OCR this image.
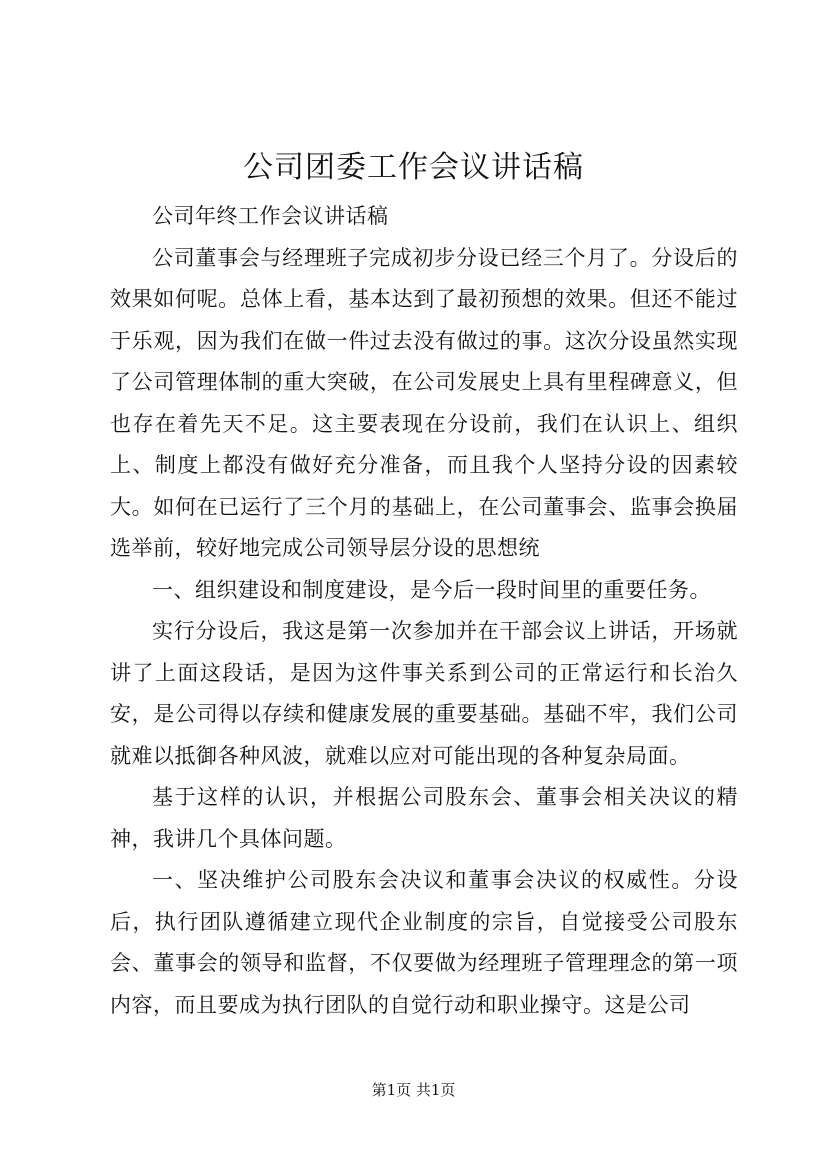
公司团委工作会议讲话稿

公司年终工作会议讲话稿

公司董事会与经理班子完成初步分设已经三个月了。分设后的效果如何呢。总体上看，基本达到了最初预想的效果。但还不能过于乐观，因为我们在做一件过去没有做过的事。这次分设虽然实现了公司管理体制的重大突破，在公司发展史上具有里程碑意义，但也存在着先天不足。这主要表现在分设前，我们在认识上、组织上、制度上都没有做好充分准备，而且我个人坚持分设的因素较大。如何在已运行了三个月的基础上，在公司董事会、监事会换届选举前，较好地完成公司领导层分设的思想统

一、组织建设和制度建设，是今后一段时间里的重要任务。

实行分设后，我这是第一次参加并在干部会议上讲话，开场就讲了上面这段话，是因为这件事关系到公司的正常运行和长治久安，是公司得以存续和健康发展的重要基础。基础不牢，我们公司就难以抵御各种风波，就难以应对可能出现的各种复杂局面。

基于这样的认识，并根据公司股东会、董事会相关决议的精神，我讲几个具体问题。

一、坚决维护公司股东会决议和董事会决议的权威性。分设后，执行团队遵循建立现代企业制度的宗旨，自觉接受公司股东会、董事会的领导和监督，不仅要做为经理班子管理理念的第一项内容，而且要成为执行团队的自觉行动和职业操守。这是公司

第1页 共1页
